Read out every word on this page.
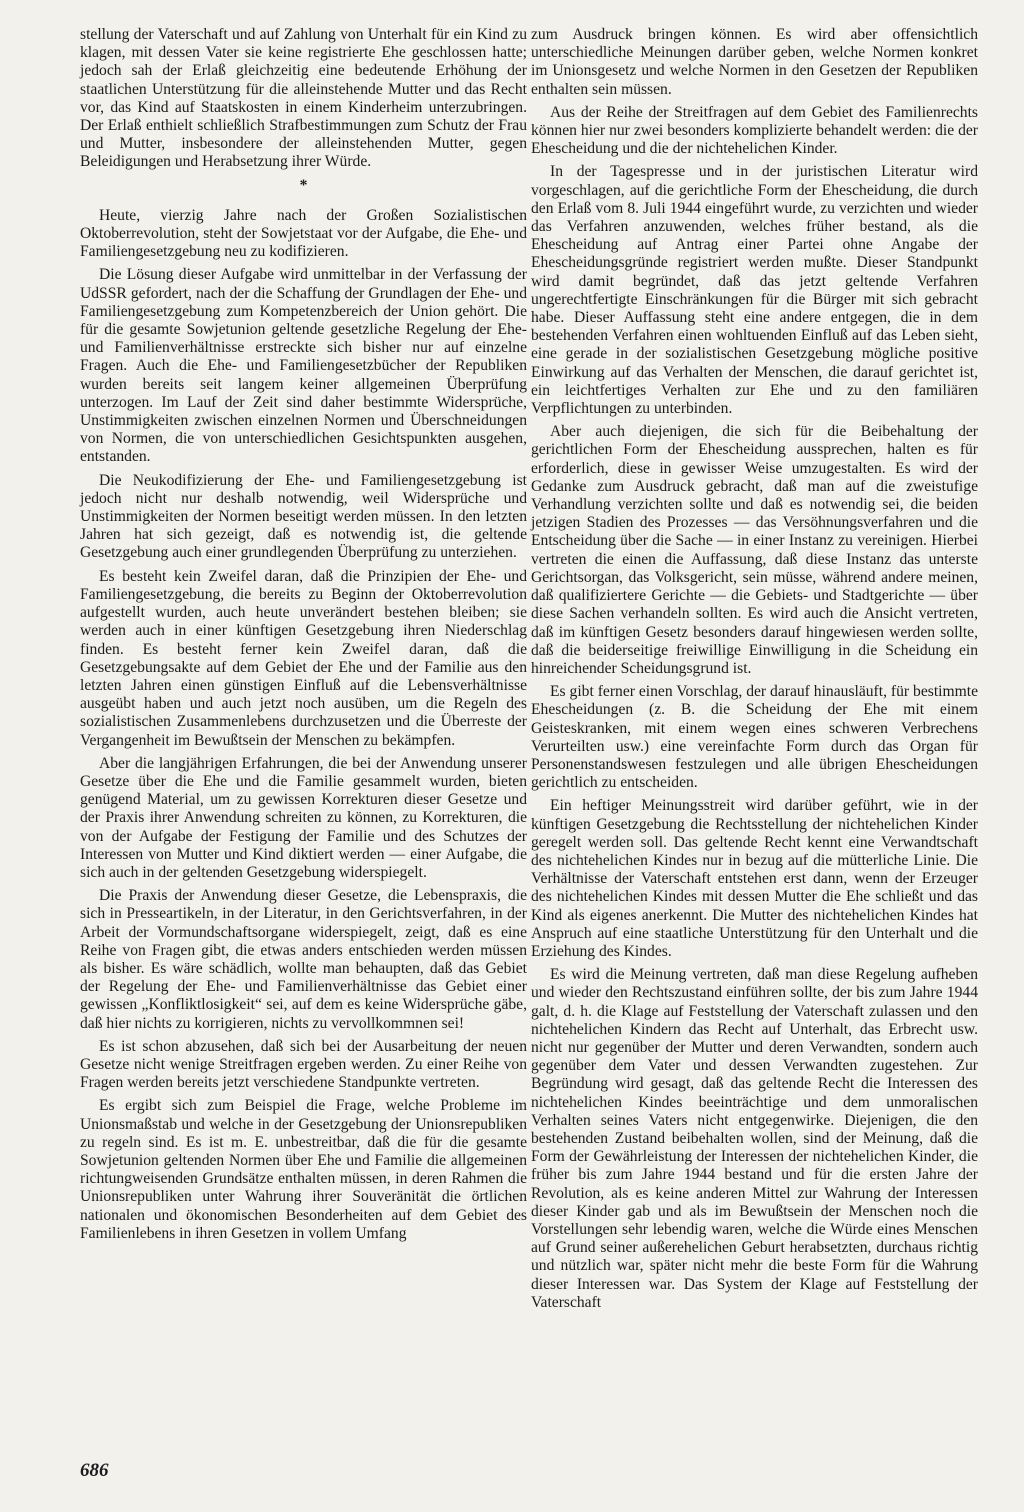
stellung der Vaterschaft und auf Zahlung von Unterhalt für ein Kind zu klagen, mit dessen Vater sie keine registrierte Ehe geschlossen hatte; jedoch sah der Erlaß gleichzeitig eine bedeutende Erhöhung der staatlichen Unterstützung für die alleinstehende Mutter und das Recht vor, das Kind auf Staatskosten in einem Kinderheim unterzubringen. Der Erlaß enthielt schließlich Strafbestimmungen zum Schutz der Frau und Mutter, insbesondere der alleinstehenden Mutter, gegen Beleidigungen und Herabsetzung ihrer Würde.

*

Heute, vierzig Jahre nach der Großen Sozialistischen Oktoberrevolution, steht der Sowjetstaat vor der Aufgabe, die Ehe- und Familiengesetzgebung neu zu kodifizieren.

Die Lösung dieser Aufgabe wird unmittelbar in der Verfassung der UdSSR gefordert, nach der die Schaffung der Grundlagen der Ehe- und Familiengesetzgebung zum Kompetenzbereich der Union gehört. Die für die gesamte Sowjetunion geltende gesetzliche Regelung der Ehe- und Familienverhältnisse erstreckte sich bisher nur auf einzelne Fragen. Auch die Ehe- und Familiengesetzbücher der Republiken wurden bereits seit langem keiner allgemeinen Überprüfung unterzogen. Im Lauf der Zeit sind daher bestimmte Widersprüche, Unstimmigkeiten zwischen einzelnen Normen und Überschneidungen von Normen, die von unterschiedlichen Gesichtspunkten ausgehen, entstanden.

Die Neukodifizierung der Ehe- und Familiengesetzgebung ist jedoch nicht nur deshalb notwendig, weil Widersprüche und Unstimmigkeiten der Normen beseitigt werden müssen. In den letzten Jahren hat sich gezeigt, daß es notwendig ist, die geltende Gesetzgebung auch einer grundlegenden Überprüfung zu unterziehen.

Es besteht kein Zweifel daran, daß die Prinzipien der Ehe- und Familiengesetzgebung, die bereits zu Beginn der Oktoberrevolution aufgestellt wurden, auch heute unverändert bestehen bleiben; sie werden auch in einer künftigen Gesetzgebung ihren Niederschlag finden. Es besteht ferner kein Zweifel daran, daß die Gesetzgebungsakte auf dem Gebiet der Ehe und der Familie aus den letzten Jahren einen günstigen Einfluß auf die Lebensverhältnisse ausgeübt haben und auch jetzt noch ausüben, um die Regeln des sozialistischen Zusammenlebens durchzusetzen und die Überreste der Vergangenheit im Bewußtsein der Menschen zu bekämpfen.

Aber die langjährigen Erfahrungen, die bei der Anwendung unserer Gesetze über die Ehe und die Familie gesammelt wurden, bieten genügend Material, um zu gewissen Korrekturen dieser Gesetze und der Praxis ihrer Anwendung schreiten zu können, zu Korrekturen, die von der Aufgabe der Festigung der Familie und des Schutzes der Interessen von Mutter und Kind diktiert werden — einer Aufgabe, die sich auch in der geltenden Gesetzgebung widerspiegelt.

Die Praxis der Anwendung dieser Gesetze, die Lebenspraxis, die sich in Presseartikeln, in der Literatur, in den Gerichtsverfahren, in der Arbeit der Vormundschaftsorgane widerspiegelt, zeigt, daß es eine Reihe von Fragen gibt, die etwas anders entschieden werden müssen als bisher. Es wäre schädlich, wollte man behaupten, daß das Gebiet der Regelung der Ehe- und Familienverhältnisse das Gebiet einer gewissen „Konfliktlosigkeit“ sei, auf dem es keine Widersprüche gäbe, daß hier nichts zu korrigieren, nichts zu vervollkommnen sei!

Es ist schon abzusehen, daß sich bei der Ausarbeitung der neuen Gesetze nicht wenige Streitfragen ergeben werden. Zu einer Reihe von Fragen werden bereits jetzt verschiedene Standpunkte vertreten.

Es ergibt sich zum Beispiel die Frage, welche Probleme im Unionsmaßstab und welche in der Gesetzgebung der Unionsrepubliken zu regeln sind. Es ist m. E. unbestreitbar, daß die für die gesamte Sowjetunion geltenden Normen über Ehe und Familie die allgemeinen richtungweisenden Grundsätze enthalten müssen, in deren Rahmen die Unionsrepubliken unter Wahrung ihrer Souveränität die örtlichen nationalen und ökonomischen Besonderheiten auf dem Gebiet des Familienlebens in ihren Gesetzen in vollem Umfang

zum Ausdruck bringen können. Es wird aber offensichtlich unterschiedliche Meinungen darüber geben, welche Normen konkret im Unionsgesetz und welche Normen in den Gesetzen der Republiken enthalten sein müssen.

Aus der Reihe der Streitfragen auf dem Gebiet des Familienrechts können hier nur zwei besonders komplizierte behandelt werden: die der Ehescheidung und die der nichtehelichen Kinder.

In der Tagespresse und in der juristischen Literatur wird vorgeschlagen, auf die gerichtliche Form der Ehescheidung, die durch den Erlaß vom 8. Juli 1944 eingeführt wurde, zu verzichten und wieder das Verfahren anzuwenden, welches früher bestand, als die Ehescheidung auf Antrag einer Partei ohne Angabe der Ehescheidungsgründe registriert werden mußte. Dieser Standpunkt wird damit begründet, daß das jetzt geltende Verfahren ungerechtfertigte Einschränkungen für die Bürger mit sich gebracht habe. Dieser Auffassung steht eine andere entgegen, die in dem bestehenden Verfahren einen wohltuenden Einfluß auf das Leben sieht, eine gerade in der sozialistischen Gesetzgebung mögliche positive Einwirkung auf das Verhalten der Menschen, die darauf gerichtet ist, ein leichtfertiges Verhalten zur Ehe und zu den familiären Verpflichtungen zu unterbinden.

Aber auch diejenigen, die sich für die Beibehaltung der gerichtlichen Form der Ehescheidung aussprechen, halten es für erforderlich, diese in gewisser Weise umzugestalten. Es wird der Gedanke zum Ausdruck gebracht, daß man auf die zweistufige Verhandlung verzichten sollte und daß es notwendig sei, die beiden jetzigen Stadien des Prozesses — das Versöhnungsverfahren und die Entscheidung über die Sache — in einer Instanz zu vereinigen. Hierbei vertreten die einen die Auffassung, daß diese Instanz das unterste Gerichtsorgan, das Volksgericht, sein müsse, während andere meinen, daß qualifiziertere Gerichte — die Gebiets- und Stadtgerichte — über diese Sachen verhandeln sollten. Es wird auch die Ansicht vertreten, daß im künftigen Gesetz besonders darauf hingewiesen werden sollte, daß die beiderseitige freiwillige Einwilligung in die Scheidung ein hinreichender Scheidungsgrund ist.

Es gibt ferner einen Vorschlag, der darauf hinausläuft, für bestimmte Ehescheidungen (z. B. die Scheidung der Ehe mit einem Geisteskranken, mit einem wegen eines schweren Verbrechens Verurteilten usw.) eine vereinfachte Form durch das Organ für Personenstandswesen festzulegen und alle übrigen Ehescheidungen gerichtlich zu entscheiden.

Ein heftiger Meinungsstreit wird darüber geführt, wie in der künftigen Gesetzgebung die Rechtsstellung der nichtehelichen Kinder geregelt werden soll. Das geltende Recht kennt eine Verwandtschaft des nichtehelichen Kindes nur in bezug auf die mütterliche Linie. Die Verhältnisse der Vaterschaft entstehen erst dann, wenn der Erzeuger des nichtehelichen Kindes mit dessen Mutter die Ehe schließt und das Kind als eigenes anerkennt. Die Mutter des nichtehelichen Kindes hat Anspruch auf eine staatliche Unterstützung für den Unterhalt und die Erziehung des Kindes.

Es wird die Meinung vertreten, daß man diese Regelung aufheben und wieder den Rechtszustand einführen sollte, der bis zum Jahre 1944 galt, d. h. die Klage auf Feststellung der Vaterschaft zulassen und den nichtehelichen Kindern das Recht auf Unterhalt, das Erbrecht usw. nicht nur gegenüber der Mutter und deren Verwandten, sondern auch gegenüber dem Vater und dessen Verwandten zugestehen. Zur Begründung wird gesagt, daß das geltende Recht die Interessen des nichtehelichen Kindes beeinträchtige und dem unmoralischen Verhalten seines Vaters nicht entgegenwirke. Diejenigen, die den bestehenden Zustand beibehalten wollen, sind der Meinung, daß die Form der Gewährleistung der Interessen der nichtehelichen Kinder, die früher bis zum Jahre 1944 bestand und für die ersten Jahre der Revolution, als es keine anderen Mittel zur Wahrung der Interessen dieser Kinder gab und als im Bewußtsein der Menschen noch die Vorstellungen sehr lebendig waren, welche die Würde eines Menschen auf Grund seiner außerehelichen Geburt herabsetzten, durchaus richtig und nützlich war, später nicht mehr die beste Form für die Wahrung dieser Interessen war. Das System der Klage auf Feststellung der Vaterschaft

686
